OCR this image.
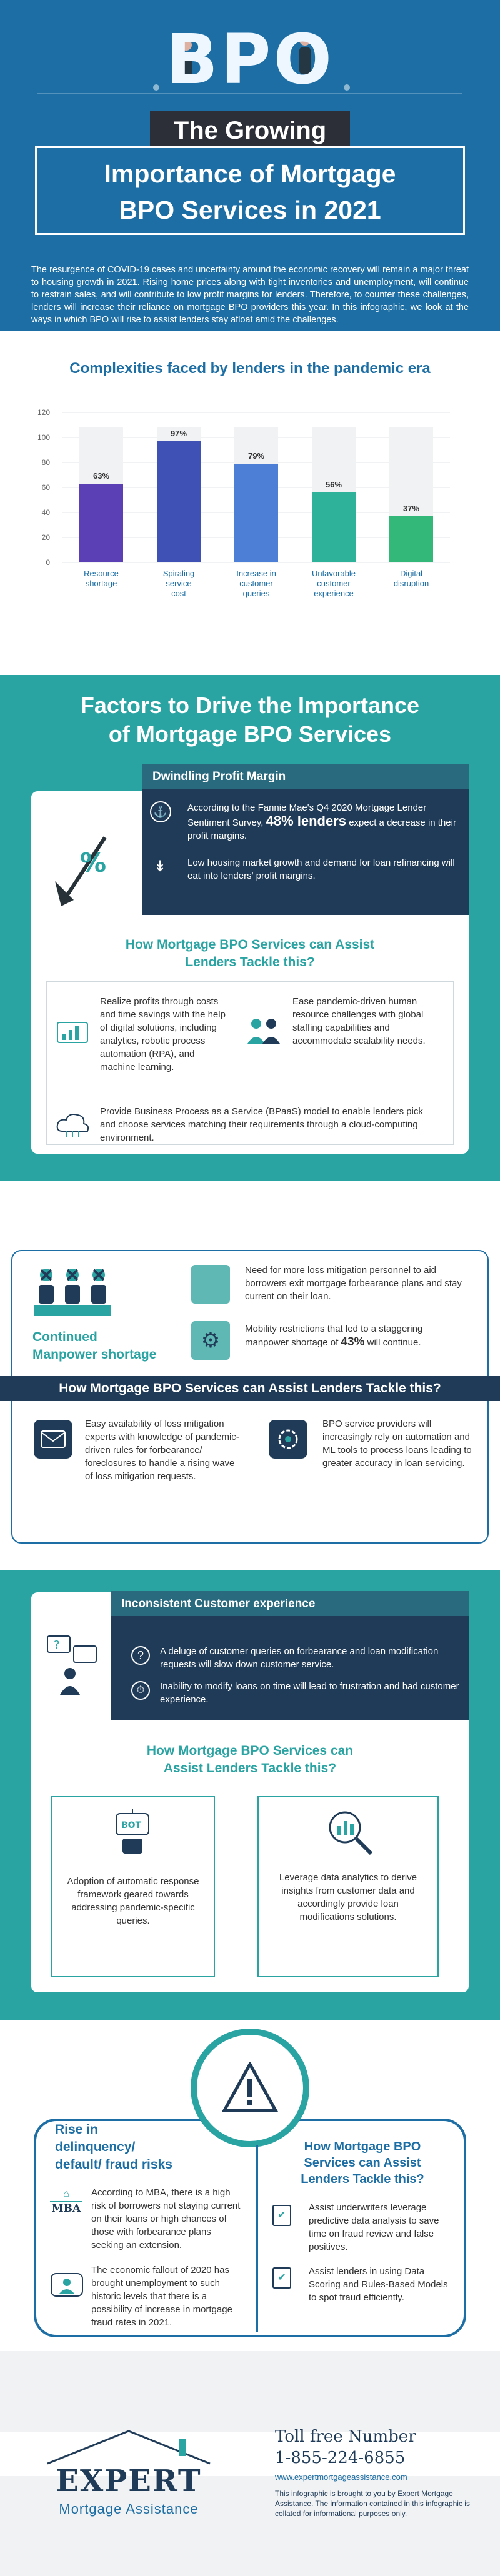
BPO
The Growing
Importance of Mortgage
BPO Services in 2021

The resurgence of COVID-19 cases and uncertainty around the economic recovery will remain a major threat to housing growth in 2021. Rising home prices along with tight inventories and unemployment, will continue to restrain sales, and will contribute to low profit margins for lenders. Therefore, to counter these challenges, lenders will increase their reliance on mortgage BPO providers this year. In this infographic, we look at the ways in which BPO will rise to assist lenders stay afloat amid the challenges.

Complexities faced by lenders in the pandemic era
120
100
80
60
40
20
0
63%
Resource
shortage
97%
Spiraling
service
cost
79%
Increase in
customer
queries
56%
Unfavorable
customer
experience
37%
Digital
disruption
Factors to Drive the Importance
of Mortgage BPO Services
%
Dwindling Profit Margin
⚓	According to the Fannie Mae's Q4 2020 Mortgage Lender Sentiment Survey, 48% lenders expect a decrease in their profit margins.

↡ Low housing market growth and demand for loan refinancing will eat into lenders' profit margins.

How Mortgage BPO Services can Assist
Lenders Tackle this?

Realize profits through costs and time savings with the help of digital solutions, including analytics, robotic process automation (RPA), and machine learning.

Ease pandemic-driven human resource challenges with global staffing capabilities and accommodate scalability needs.

Provide Business Process as a Service (BPaaS) model to enable lenders pick and choose services matching their requirements through a cloud-computing environment.

Continued
Manpower shortage

Need for more loss mitigation personnel to aid borrowers exit mortgage forbearance plans and stay current on their loan.

⚙	Mobility restrictions that led to a staggering manpower shortage of 43% will continue.

How Mortgage BPO Services can Assist Lenders Tackle this?

Easy availability of loss mitigation experts with knowledge of pandemic-driven rules for forbearance/ foreclosures to handle a rising wave of loss mitigation requests.

BPO service providers will increasingly rely on automation and ML tools to process loans leading to greater accuracy in loan servicing.

?
Inconsistent Customer experience
?	A deluge of customer queries on forbearance and loan modification requests will slow down customer service.

⏱	Inability to modify loans on time will lead to frustration and bad customer experience.

How Mortgage BPO Services can
Assist Lenders Tackle this?
BOT

Adoption of automatic response framework geared towards addressing pandemic-specific queries.

Leverage data analytics to derive insights from customer data and accordingly provide loan modifications solutions.

Rise in
delinquency/
default/ fraud risks
⌂
MBA

According to MBA, there is a high risk of borrowers not staying current on their loans or high chances of those with forbearance plans seeking an extension.

The economic fallout of 2020 has brought unemployment to such historic levels that there is a possibility of increase in mortgage fraud rates in 2021.

How Mortgage BPO
Services can Assist
Lenders Tackle this?
✔

Assist underwriters leverage predictive data analysis to save time on fraud review and false positives.

✔

Assist lenders in using Data Scoring and Rules-Based Models to spot fraud efficiently.

EXPERT
Mortgage Assistance
Toll free Number
1-855-224-6855
www.expertmortgageassistance.com

This infographic is brought to you by Expert Mortgage Assistance. The information contained in this infographic is collated for informational purposes only.
